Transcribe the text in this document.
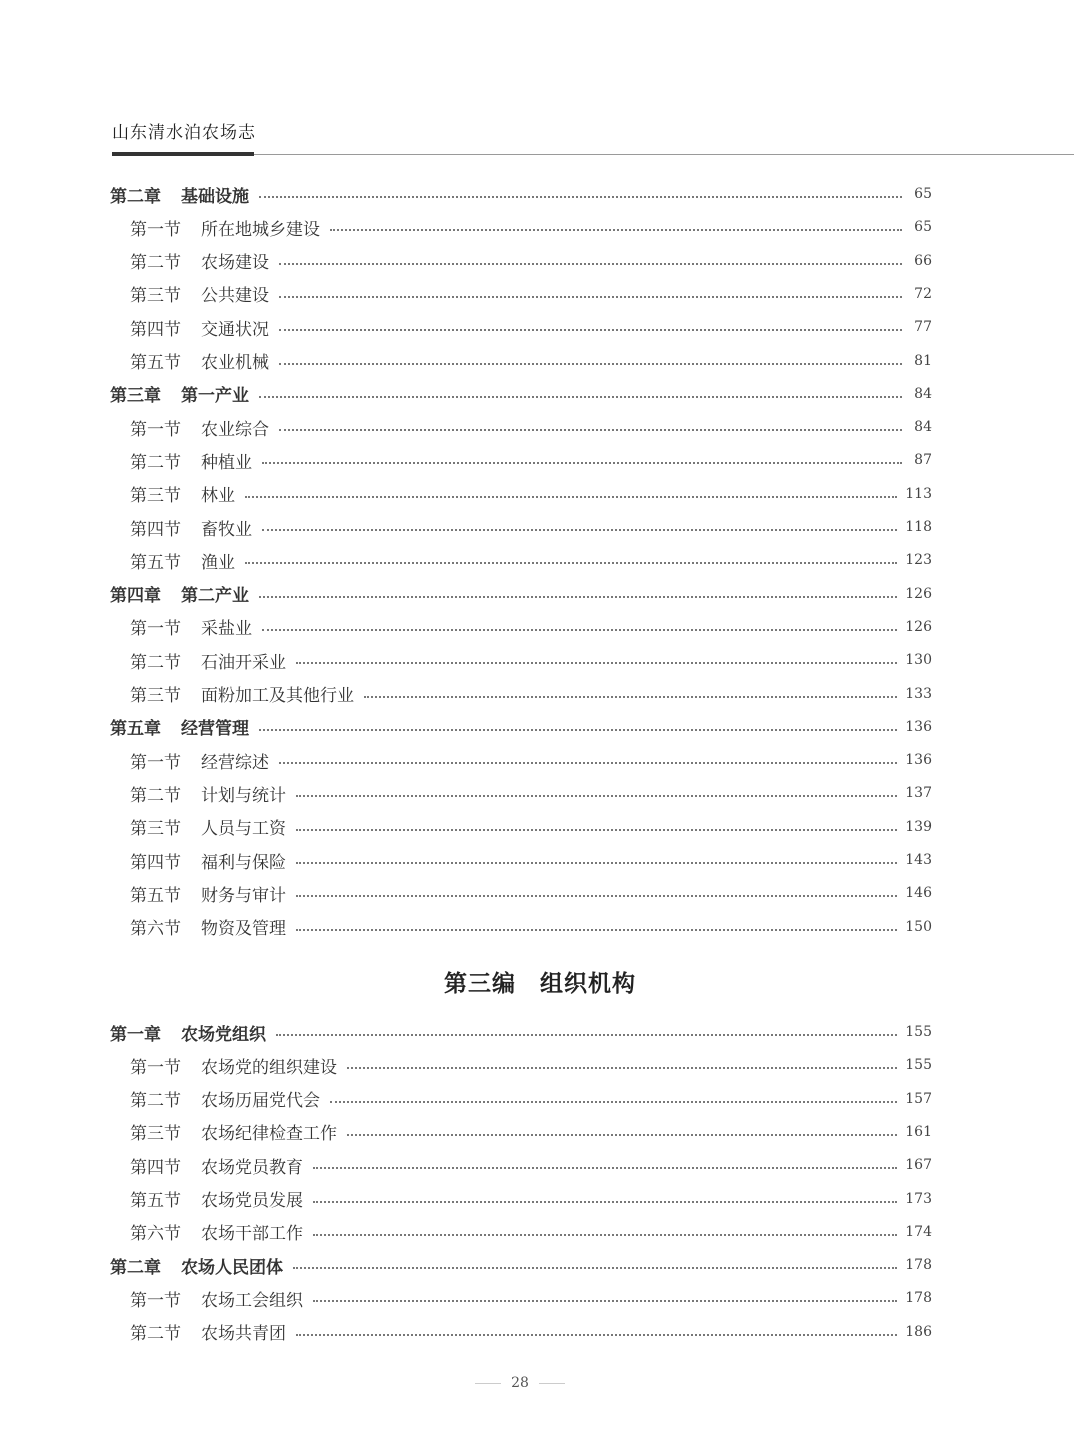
山东清水泊农场志
第二章 基础设施	65
第一节 所在地城乡建设	65
第二节 农场建设	66
第三节 公共建设	72
第四节 交通状况	77
第五节 农业机械	81
第三章 第一产业	84
第一节 农业综合	84
第二节 种植业	87
第三节 林业	113
第四节 畜牧业	118
第五节 渔业	123
第四章 第二产业	126
第一节 采盐业	126
第二节 石油开采业	130
第三节 面粉加工及其他行业	133
第五章 经营管理	136
第一节 经营综述	136
第二节 计划与统计	137
第三节 人员与工资	139
第四节 福利与保险	143
第五节 财务与审计	146
第六节 物资及管理	150
第一章 农场党组织	155
第一节 农场党的组织建设	155
第二节 农场历届党代会	157
第三节 农场纪律检查工作	161
第四节 农场党员教育	167
第五节 农场党员发展	173
第六节 农场干部工作	174
第二章 农场人民团体	178
第一节 农场工会组织	178
第二节 农场共青团	186
第三编　组织机构
28
